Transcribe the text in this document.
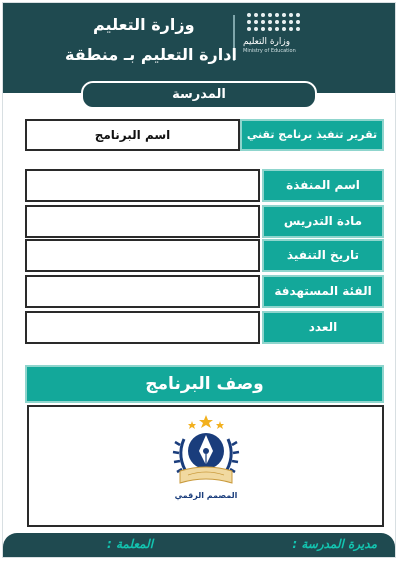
وزارة التعليم
Ministry of Education
وزارة التعليم
ادارة التعليم بـ منطقة
المدرسة
اسم البرنامج	تقرير تنفيذ برنامج تقني
اسم المنفذة
مادة التدريس
تاريخ التنفيذ
الفئة المستهدفة
العدد
وصف البرنامج
المصمم الرقمي
مديرة المدرسة :
المعلمة :
